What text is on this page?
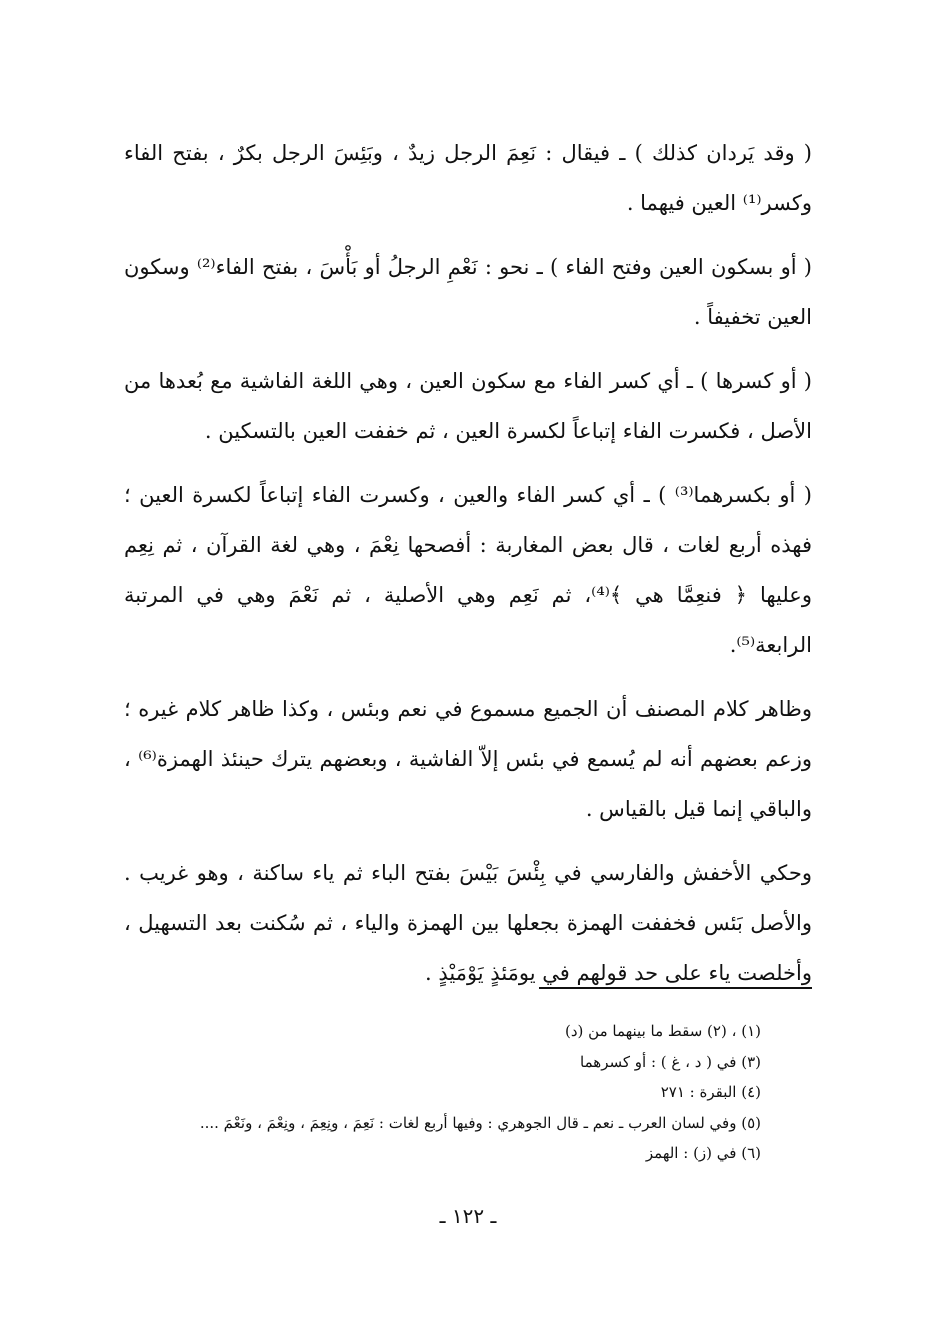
( وقد يَردان كذلك ) ـ فيقال : نَعِمَ الرجل زيدٌ ، وبَئِسَ الرجل بكرٌ ، بفتح الفاء وكسر⁽¹⁾ العين فيهما .

( أو بسكون العين وفتح الفاء ) ـ نحو : نَعْمِ الرجلُ أو بَأْسَ ، بفتح الفاء⁽²⁾ وسكون العين تخفيفاً .

( أو كسرها ) ـ أي كسر الفاء مع سكون العين ، وهي اللغة الفاشية مع بُعدها من الأصل ، فكسرت الفاء إتباعاً لكسرة العين ، ثم خففت العين بالتسكين .

( أو بكسرهما⁽³⁾ ) ـ أي كسر الفاء والعين ، وكسرت الفاء إتباعاً لكسرة العين ؛ فهذه أربع لغات ، قال بعض المغاربة : أفصحها نِعْمَ ، وهي لغة القرآن ، ثم نِعِم وعليها ﴿ فنعِمَّا هي ﴾⁽⁴⁾، ثم نَعِم وهي الأصلية ، ثم نَعْمَ وهي في المرتبة الرابعة⁽⁵⁾.

وظاهر كلام المصنف أن الجميع مسموع في نعم وبئس ، وكذا ظاهر كلام غيره ؛ وزعم بعضهم أنه لم يُسمع في بئس إلاّ الفاشية ، وبعضهم يترك حينئذ الهمزة⁽⁶⁾ ، والباقي إنما قيل بالقياس .

وحكي الأخفش والفارسي في بِئْسَ بَيْسَ بفتح الباء ثم ياء ساكنة ، وهو غريب . والأصل بَئس فخففت الهمزة بجعلها بين الهمزة والياء ، ثم سُكنت بعد التسهيل ، وأخلصت ياء على حد قولهم في يومَئذٍ يَوْمَيْذٍ .

(١) ، (٢) سقط ما بينهما من (د)
(٣) في ( د ، غ ) : أو كسرهما
(٤) البقرة : ٢٧١
(٥) وفي لسان العرب ـ نعم ـ قال الجوهري : وفيها أربع لغات : نَعِمَ ، ونِعِمَ ، ونِعْمَ ، ونَعْمَ ....
(٦) في (ز) : الهمز
ـ ١٢٢ ـ
